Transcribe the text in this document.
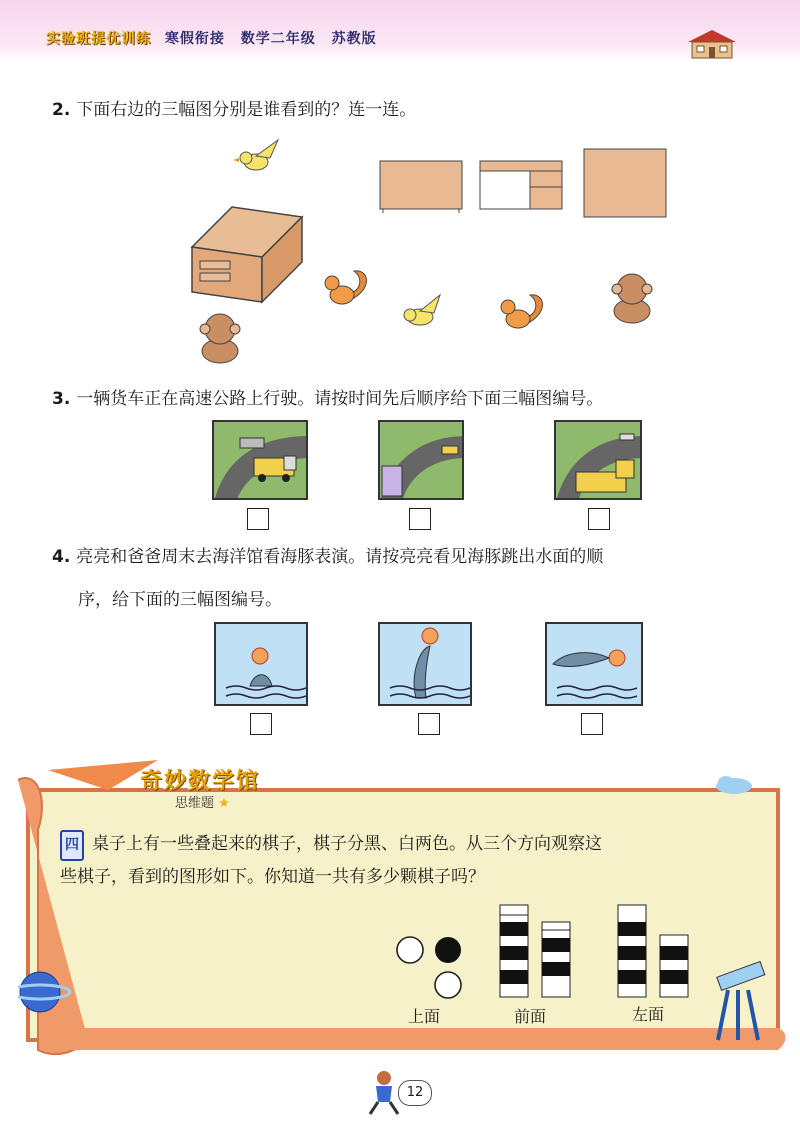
实验班提优训练 寒假衔接 数学二年级 苏教版
2. 下面右边的三幅图分别是谁看到的？连一连。
3. 一辆货车正在高速公路上行驶。请按时间先后顺序给下面三幅图编号。
4. 亮亮和爸爸周末去海洋馆看海豚表演。请按亮亮看见海豚跳出水面的顺
序，给下面的三幅图编号。
奇妙数学馆
思维题 ★
四 桌子上有一些叠起来的棋子，棋子分黑、白两色。从三个方向观察这
些棋子，看到的图形如下。你知道一共有多少颗棋子吗？
上面	前面	左面
12
